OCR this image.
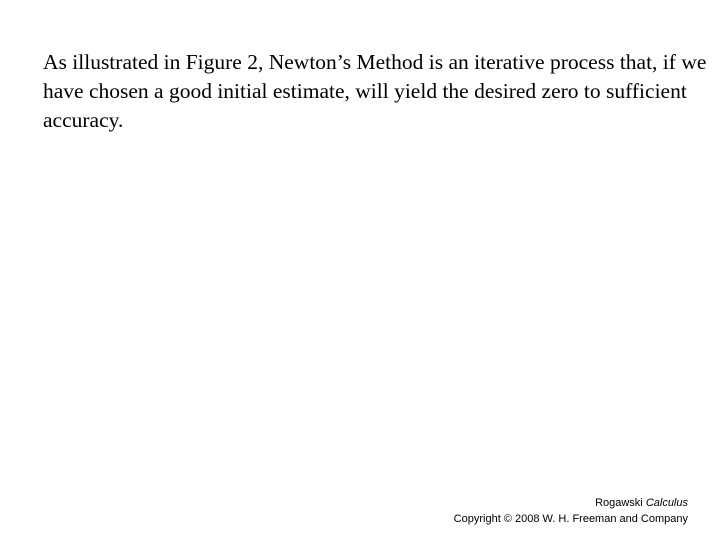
As illustrated in Figure 2, Newton’s Method is an iterative process that, if we have chosen a good initial estimate, will yield the desired zero to sufficient accuracy.

Rogawski Calculus
Copyright © 2008 W. H. Freeman and Company
